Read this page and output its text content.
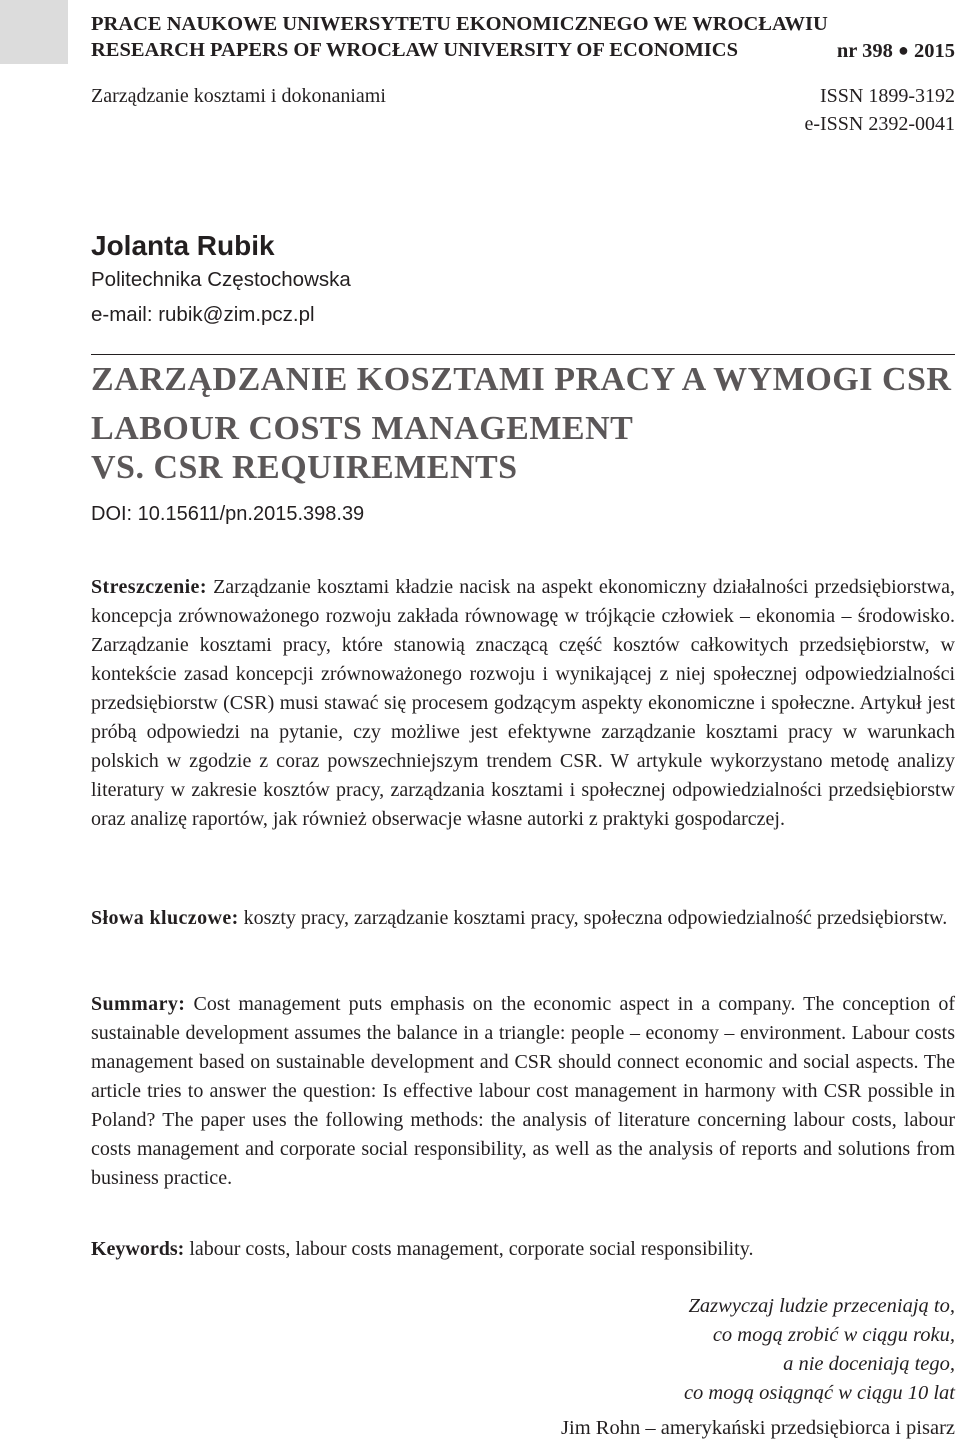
PRACE NAUKOWE UNIWERSYTETU EKONOMICZNEGO WE WROCŁAWIU
RESEARCH PAPERS OF WROCŁAW UNIVERSITY OF ECONOMICS	nr 398 ● 2015
Zarządzanie kosztami i dokonaniami	ISSN 1899-3192
e-ISSN 2392-0041
Jolanta Rubik
Politechnika Częstochowska
e-mail: rubik@zim.pcz.pl
ZARZĄDZANIE KOSZTAMI PRACY A WYMOGI CSR
LABOUR COSTS MANAGEMENT
VS. CSR REQUIREMENTS
DOI: 10.15611/pn.2015.398.39
Streszczenie: Zarządzanie kosztami kładzie nacisk na aspekt ekonomiczny działalności przedsiębiorstwa, koncepcja zrównoważonego rozwoju zakłada równowagę w trójkącie człowiek – ekonomia – środowisko. Zarządzanie kosztami pracy, które stanowią znaczącą część kosztów całkowitych przedsiębiorstw, w kontekście zasad koncepcji zrównoważonego rozwoju i wynikającej z niej społecznej odpowiedzialności przedsiębiorstw (CSR) musi stawać się procesem godzącym aspekty ekonomiczne i społeczne. Artykuł jest próbą odpowiedzi na pytanie, czy możliwe jest efektywne zarządzanie kosztami pracy w warunkach polskich w zgodzie z coraz powszechniejszym trendem CSR. W artykule wykorzystano metodę analizy literatury w zakresie kosztów pracy, zarządzania kosztami i społecznej odpowiedzialności przedsiębiorstw oraz analizę raportów, jak również obserwacje własne autorki z praktyki gospodarczej.
Słowa kluczowe: koszty pracy, zarządzanie kosztami pracy, społeczna odpowiedzialność przedsiębiorstw.
Summary: Cost management puts emphasis on the economic aspect in a company. The conception of sustainable development assumes the balance in a triangle: people – economy – environment. Labour costs management based on sustainable development and CSR should connect economic and social aspects. The article tries to answer the question: Is effective labour cost management in harmony with CSR possible in Poland? The paper uses the following methods: the analysis of literature concerning labour costs, labour costs management and corporate social responsibility, as well as the analysis of reports and solutions from business practice.
Keywords: labour costs, labour costs management, corporate social responsibility.
Zazwyczaj ludzie przeceniają to,
co mogą zrobić w ciągu roku,
a nie doceniają tego,
co mogą osiągnąć w ciągu 10 lat
Jim Rohn – amerykański przedsiębiorca i pisarz
